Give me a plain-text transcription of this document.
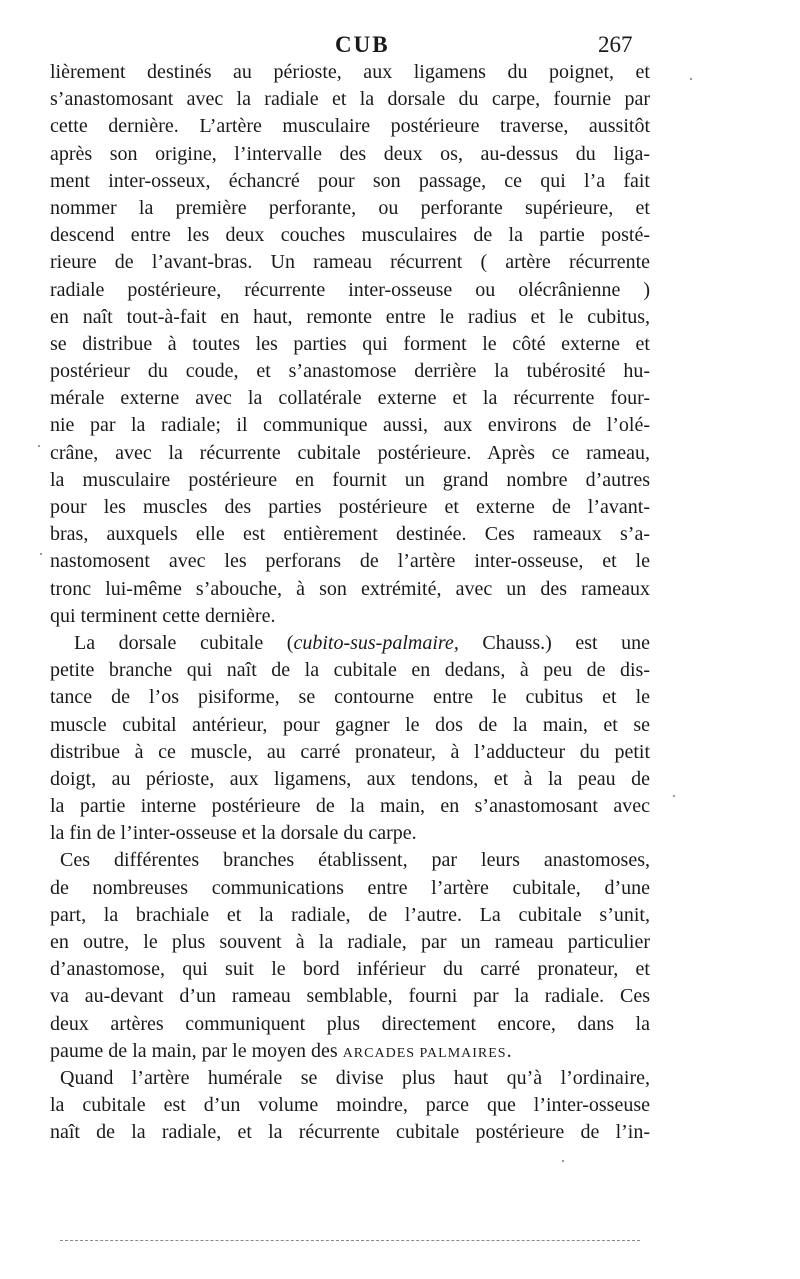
CUB	267
lièrement destinés au périoste, aux ligamens du poignet, et
s’anastomosant avec la radiale et la dorsale du carpe, fournie par
cette dernière. L’artère musculaire postérieure traverse, aussitôt
après son origine, l’intervalle des deux os, au-dessus du liga-
ment inter-osseux, échancré pour son passage, ce qui l’a fait
nommer la première perforante, ou perforante supérieure, et
descend entre les deux couches musculaires de la partie posté-
rieure de l’avant-bras. Un rameau récurrent ( artère récurrente
radiale postérieure, récurrente inter-osseuse ou olécrânienne )
en naît tout-à-fait en haut, remonte entre le radius et le cubitus,
se distribue à toutes les parties qui forment le côté externe et
postérieur du coude, et s’anastomose derrière la tubérosité hu-
mérale externe avec la collatérale externe et la récurrente four-
nie par la radiale; il communique aussi, aux environs de l’olé-
crâne, avec la récurrente cubitale postérieure. Après ce rameau,
la musculaire postérieure en fournit un grand nombre d’autres
pour les muscles des parties postérieure et externe de l’avant-
bras, auxquels elle est entièrement destinée. Ces rameaux s’a-
nastomosent avec les perforans de l’artère inter-osseuse, et le
tronc lui-même s’abouche, à son extrémité, avec un des rameaux
qui terminent cette dernière.
La dorsale cubitale (cubito-sus-palmaire, Chauss.) est une
petite branche qui naît de la cubitale en dedans, à peu de dis-
tance de l’os pisiforme, se contourne entre le cubitus et le
muscle cubital antérieur, pour gagner le dos de la main, et se
distribue à ce muscle, au carré pronateur, à l’adducteur du petit
doigt, au périoste, aux ligamens, aux tendons, et à la peau de
la partie interne postérieure de la main, en s’anastomosant avec
la fin de l’inter-osseuse et la dorsale du carpe.
Ces différentes branches établissent, par leurs anastomoses,
de nombreuses communications entre l’artère cubitale, d’une
part, la brachiale et la radiale, de l’autre. La cubitale s’unit,
en outre, le plus souvent à la radiale, par un rameau particulier
d’anastomose, qui suit le bord inférieur du carré pronateur, et
va au-devant d’un rameau semblable, fourni par la radiale. Ces
deux artères communiquent plus directement encore, dans la
paume de la main, par le moyen des ARCADES PALMAIRES.
Quand l’artère humérale se divise plus haut qu’à l’ordinaire,
la cubitale est d’un volume moindre, parce que l’inter-osseuse
naît de la radiale, et la récurrente cubitale postérieure de l’in-
